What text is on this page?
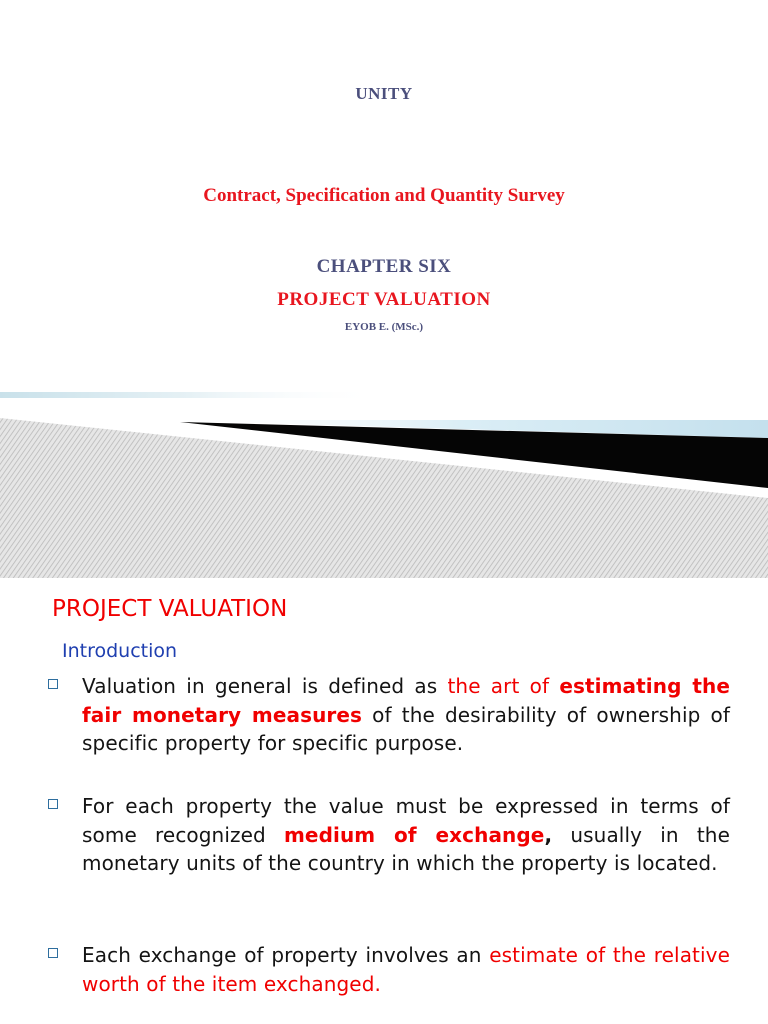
UNITY
Contract, Specification and Quantity Survey
CHAPTER SIX
PROJECT VALUATION
EYOB E. (MSc.)
PROJECT VALUATION
Introduction
Valuation in general is defined as the art of estimating the fair monetary measures of the desirability of ownership of specific property for specific purpose.
For each property the value must be expressed in terms of some recognized medium of exchange, usually in the monetary units of the country in which the property is located.
Each exchange of property involves an estimate of the relative worth of the item exchanged.
